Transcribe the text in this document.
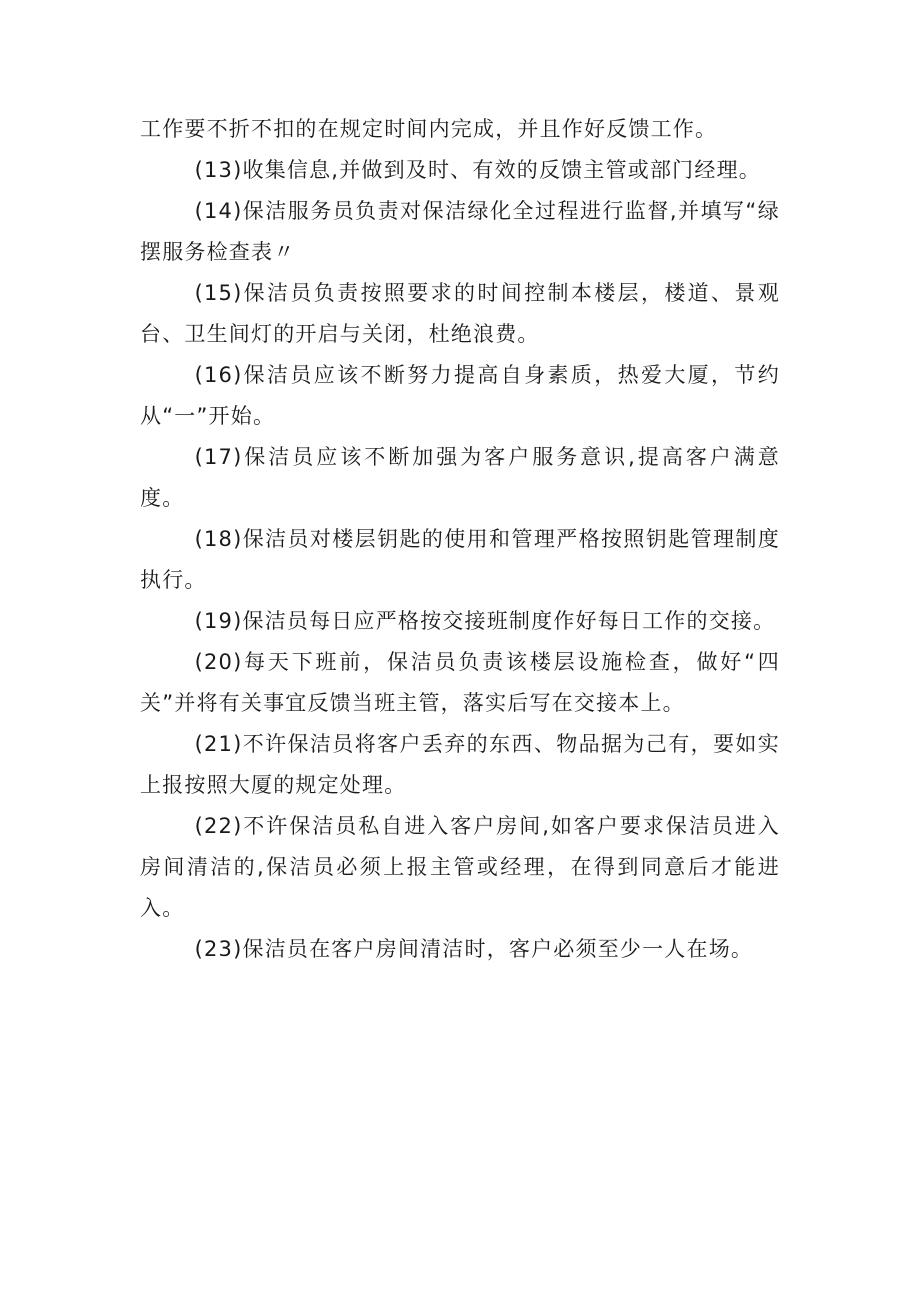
工作要不折不扣的在规定时间内完成，并且作好反馈工作。

(13)收集信息,并做到及时、有效的反馈主管或部门经理。

(14)保洁服务员负责对保洁绿化全过程进行监督,并填写“绿摆服务检查表〃

(15)保洁员负责按照要求的时间控制本楼层，楼道、景观台、卫生间灯的开启与关闭，杜绝浪费。

(16)保洁员应该不断努力提高自身素质，热爱大厦，节约从“一”开始。

(17)保洁员应该不断加强为客户服务意识,提高客户满意度。

(18)保洁员对楼层钥匙的使用和管理严格按照钥匙管理制度执行。

(19)保洁员每日应严格按交接班制度作好每日工作的交接。

(20)每天下班前，保洁员负责该楼层设施检查，做好“四关”并将有关事宜反馈当班主管，落实后写在交接本上。

(21)不许保洁员将客户丢弃的东西、物品据为己有，要如实上报按照大厦的规定处理。

(22)不许保洁员私自进入客户房间,如客户要求保洁员进入房间清洁的,保洁员必须上报主管或经理，在得到同意后才能进入。

(23)保洁员在客户房间清洁时，客户必须至少一人在场。
